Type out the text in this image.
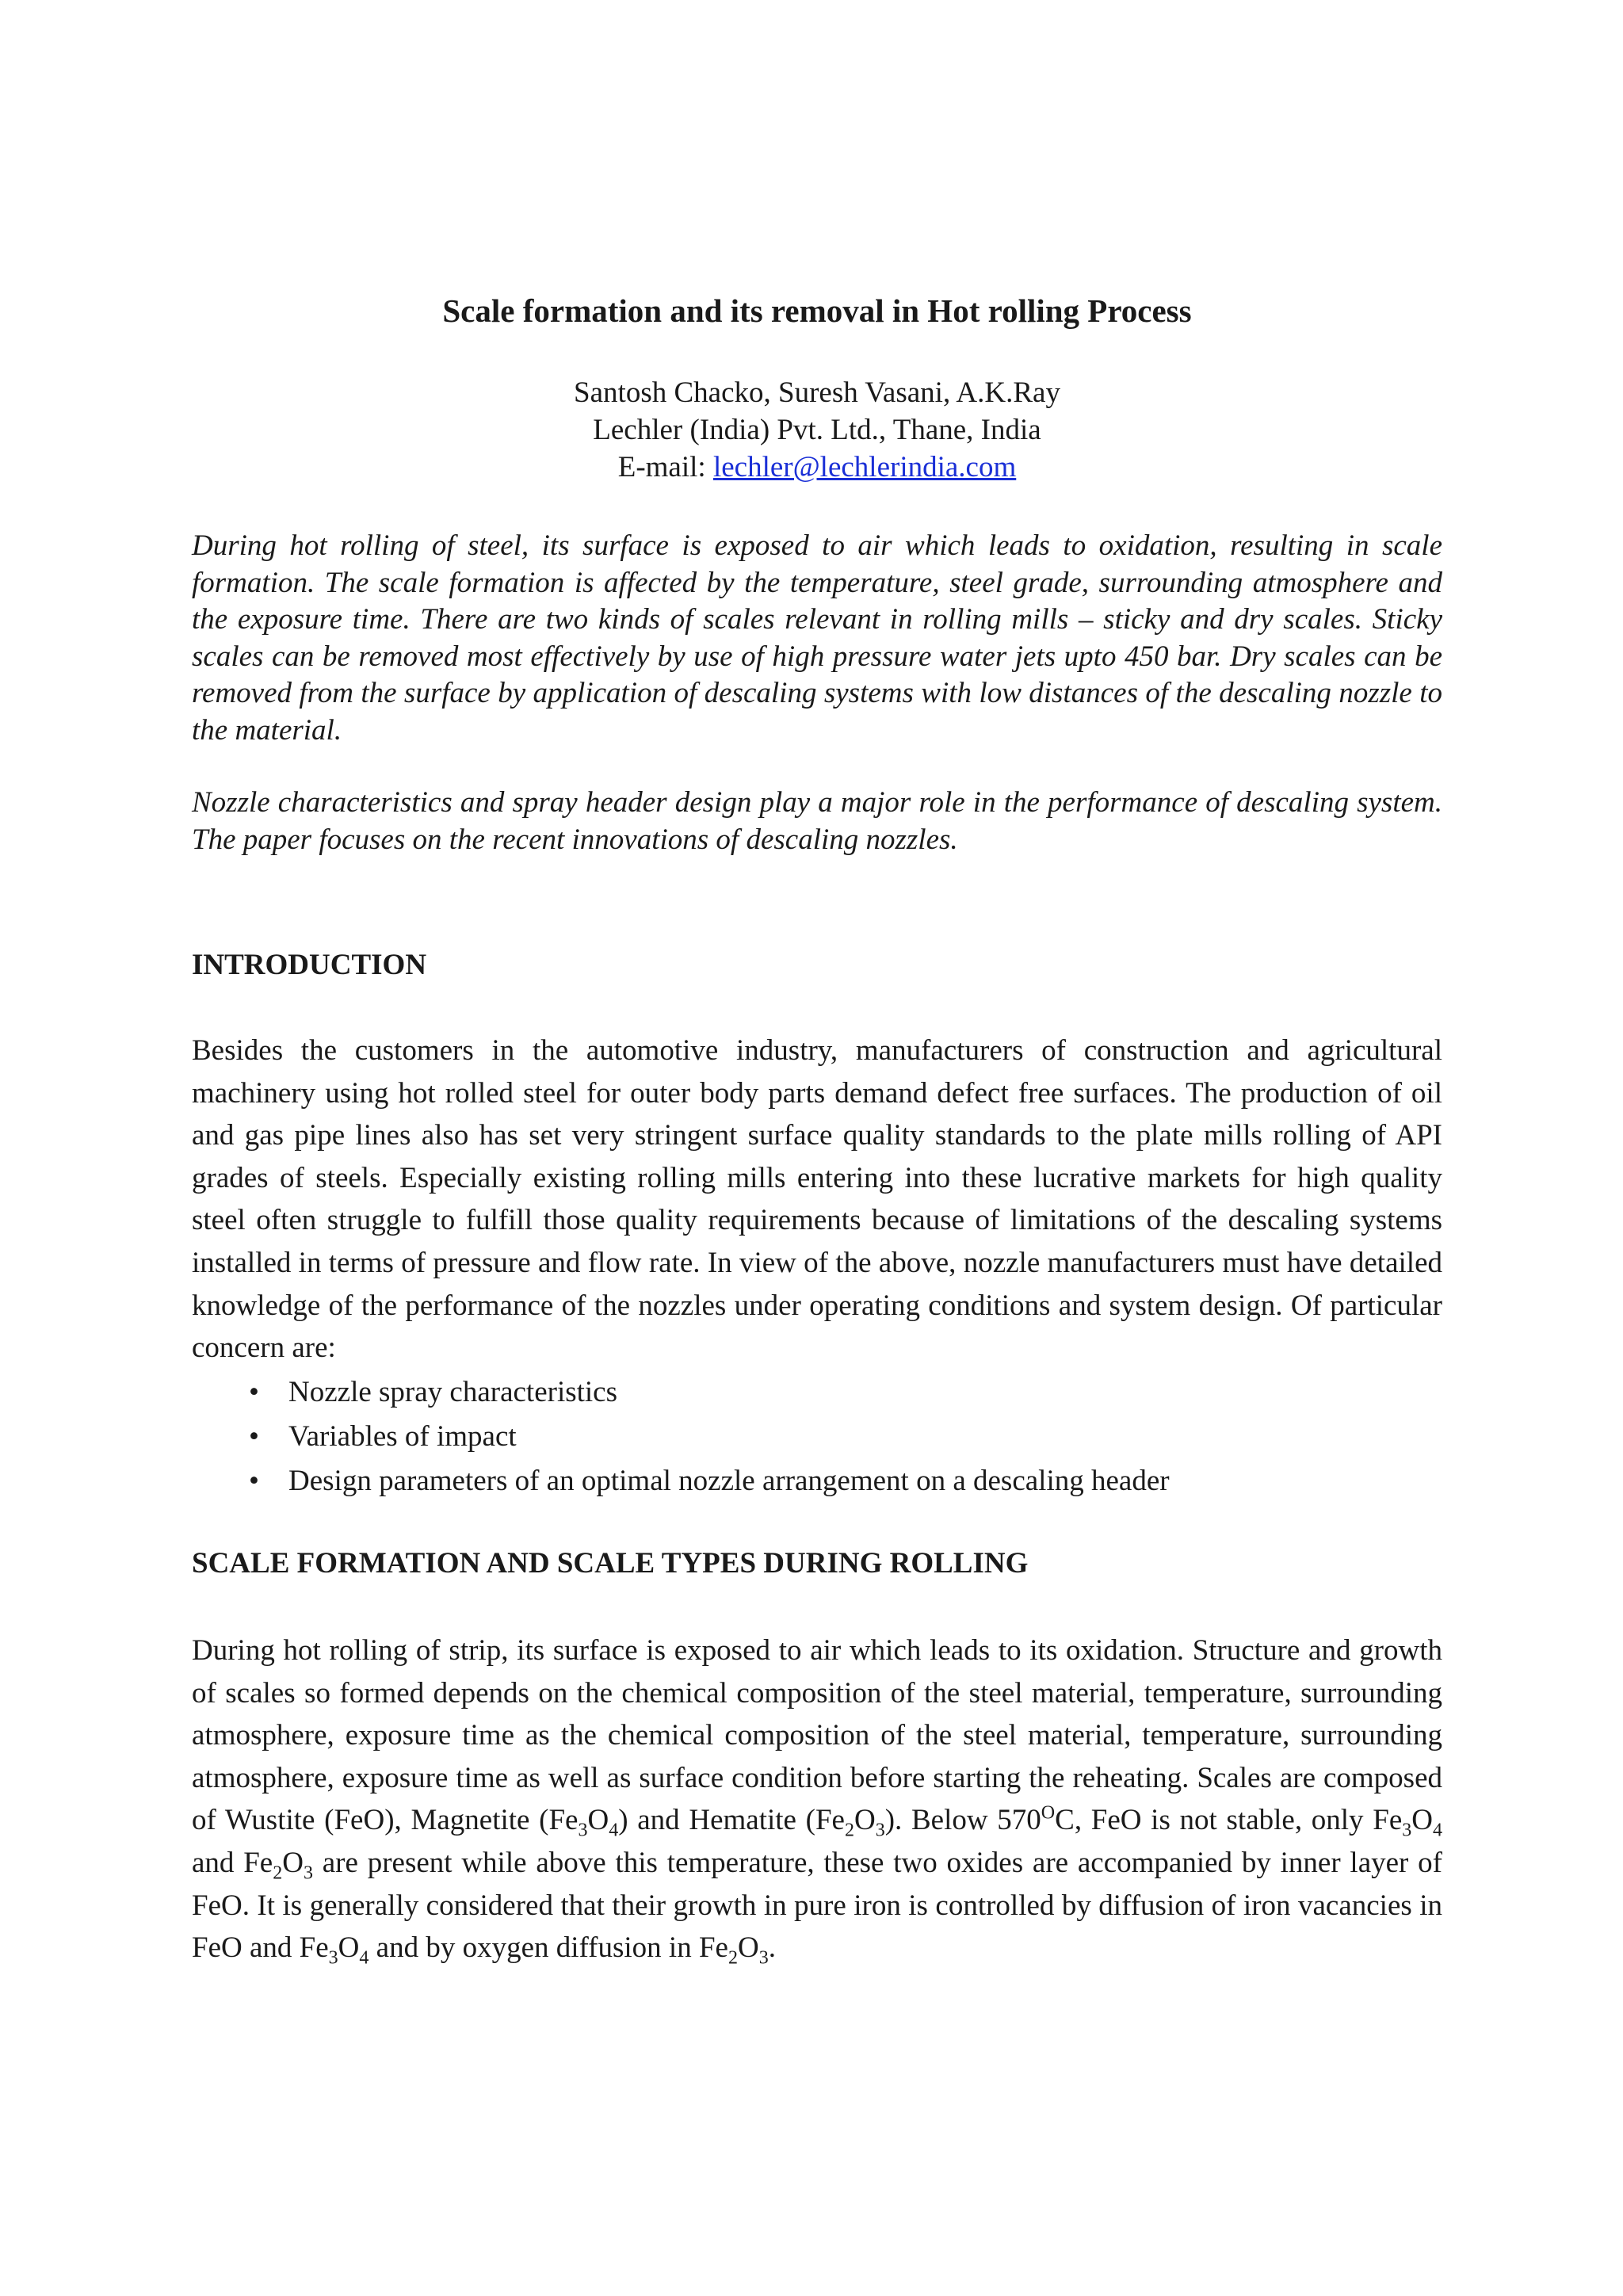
Scale formation and its removal in Hot rolling Process
Santosh Chacko, Suresh Vasani, A.K.Ray
Lechler (India) Pvt. Ltd., Thane, India
E-mail: lechler@lechlerindia.com

During hot rolling of steel, its surface is exposed to air which leads to oxidation, resulting in scale formation. The scale formation is affected by the temperature, steel grade, surrounding atmosphere and the exposure time. There are two kinds of scales relevant in rolling mills – sticky and dry scales. Sticky scales can be removed most effectively by use of high pressure water jets upto 450 bar. Dry scales can be removed from the surface by application of descaling systems with low distances of the descaling nozzle to the material.

Nozzle characteristics and spray header design play a major role in the performance of descaling system. The paper focuses on the recent innovations of descaling nozzles.

INTRODUCTION

Besides the customers in the automotive industry, manufacturers of construction and agricultural machinery using hot rolled steel for outer body parts demand defect free surfaces. The production of oil and gas pipe lines also has set very stringent surface quality standards to the plate mills rolling of API grades of steels. Especially existing rolling mills entering into these lucrative markets for high quality steel often struggle to fulfill those quality requirements because of limitations of the descaling systems installed in terms of pressure and flow rate. In view of the above, nozzle manufacturers must have detailed knowledge of the performance of the nozzles under operating conditions and system design. Of particular concern are:

• Nozzle spray characteristics
• Variables of impact
• Design parameters of an optimal nozzle arrangement on a descaling header
SCALE FORMATION AND SCALE TYPES DURING ROLLING

During hot rolling of strip, its surface is exposed to air which leads to its oxidation. Structure and growth of scales so formed depends on the chemical composition of the steel material, temperature, surrounding atmosphere, exposure time as the chemical composition of the steel material, temperature, surrounding atmosphere, exposure time as well as surface condition before starting the reheating. Scales are composed of Wustite (FeO), Magnetite $(Fe_3O_4)$ and Hematite $(Fe_2O_3)$. Below $570^OC$, FeO is not stable, only $Fe_3O_4$ and $Fe_2O_3$ are present while above this temperature, these two oxides are accompanied by inner layer of FeO. It is generally considered that their growth in pure iron is controlled by diffusion of iron vacancies in FeO and $Fe_3O_4$ and by oxygen diffusion in $Fe_2O_3$.
